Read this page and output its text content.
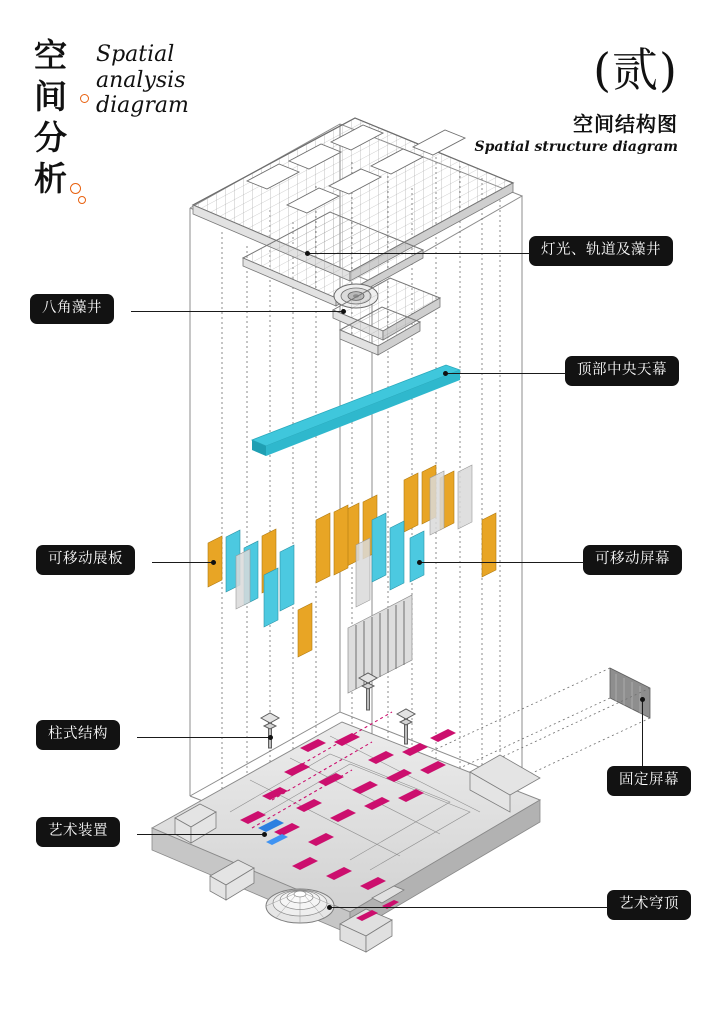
空间分析
Spatial analysis diagram
(贰)
空间结构图
Spatial structure diagram
灯光、轨道及藻井
八角藻井
顶部中央天幕
可移动展板	可移动屏幕
柱式结构
固定屏幕
艺术装置
艺术穹顶
